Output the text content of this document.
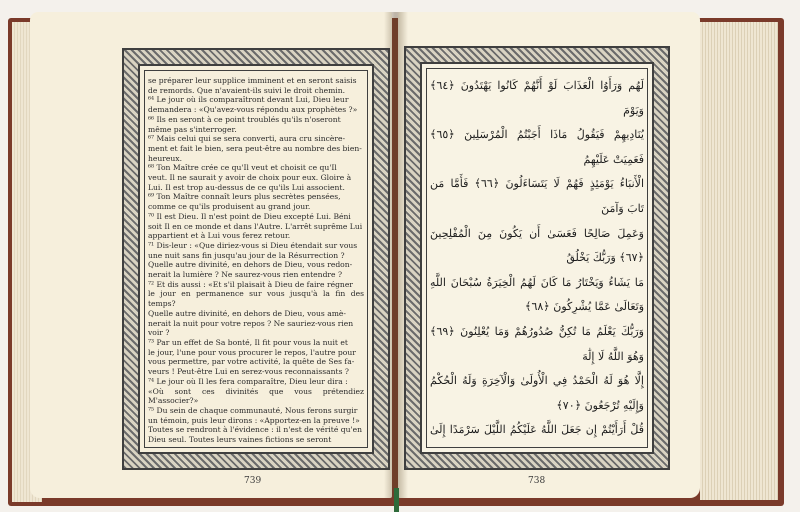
se préparer leur supplice imminent et en seront saisis

de remords. Que n'avaient-ils suivi le droit chemin.

⁶⁴ Le jour où ils comparaîtront devant Lui, Dieu leur

demandera : «Qu'avez-vous répondu aux prophètes ?»

⁶⁶ Ils en seront à ce point troublés qu'ils n'oseront

même pas s'interroger.

⁶⁷ Mais celui qui se sera converti, aura cru sincère-

ment et fait le bien, sera peut-être au nombre des bien-

heureux.

⁶⁸ Ton Maître crée ce qu'Il veut et choisit ce qu'Il

veut. Il ne saurait y avoir de choix pour eux. Gloire à

Lui. Il est trop au-dessus de ce qu'ils Lui associent.

⁶⁹ Ton Maître connaît leurs plus secrètes pensées,

comme ce qu'ils produisent au grand jour.

⁷⁰ Il est Dieu. Il n'est point de Dieu excepté Lui. Béni

soit Il en ce monde et dans l'Autre. L'arrêt suprême Lui

appartient et à Lui vous ferez retour.

⁷¹ Dis-leur : «Que diriez-vous si Dieu étendait sur vous

une nuit sans fin jusqu'au jour de la Résurrection ?

Quelle autre divinité, en dehors de Dieu, vous redon-

nerait la lumière ? Ne saurez-vous rien entendre ?

⁷² Et dis aussi : «Et s'il plaisait à Dieu de faire régner

le jour en permanence sur vous jusqu'à la fin des temps?

Quelle autre divinité, en dehors de Dieu, vous amè-

nerait la nuit pour votre repos ? Ne sauriez-vous rien

voir ?

⁷³ Par un effet de Sa bonté, Il fit pour vous la nuit et

le jour, l'une pour vous procurer le repos, l'autre pour

vous permettre, par votre activité, la quête de Ses fa-

veurs ! Peut-être Lui en serez-vous reconnaissants ?

⁷⁴ Le jour où Il les fera comparaître, Dieu leur dira :

«Où sont ces divinités que vous prétendiez M'associer?»

⁷⁵ Du sein de chaque communauté, Nous ferons surgir

un témoin, puis leur dirons : «Apportez-en la preuve !»

Toutes se rendront à l'évidence : il n'est de vérité qu'en

Dieu seul. Toutes leurs vaines fictions se seront

لَهُم وَرَأَوُا الْعَذَابَ لَوْ أَنَّهُمْ كَانُوا يَهْتَدُونَ ﴿٦٤﴾ وَيَوْمَ

يُنَادِيهِمْ فَيَقُولُ مَاذَا أَجَبْتُمُ الْمُرْسَلِينَ ﴿٦٥﴾ فَعَمِيَتْ عَلَيْهِمُ

الْأَنبَاءُ يَوْمَئِذٍ فَهُمْ لَا يَتَسَاءَلُونَ ﴿٦٦﴾ فَأَمَّا مَن تَابَ وَآمَنَ

وَعَمِلَ صَالِحًا فَعَسَىٰ أَن يَكُونَ مِنَ الْمُفْلِحِينَ ﴿٦٧﴾ وَرَبُّكَ يَخْلُقُ

مَا يَشَاءُ وَيَخْتَارُ مَا كَانَ لَهُمُ الْخِيَرَةُ سُبْحَانَ اللَّهِ وَتَعَالَىٰ عَمَّا يُشْرِكُونَ ﴿٦٨﴾

وَرَبُّكَ يَعْلَمُ مَا تُكِنُّ صُدُورُهُمْ وَمَا يُعْلِنُونَ ﴿٦٩﴾ وَهُوَ اللَّهُ لَا إِلَٰهَ

إِلَّا هُوَ لَهُ الْحَمْدُ فِي الْأُولَىٰ وَالْآخِرَةِ وَلَهُ الْحُكْمُ وَإِلَيْهِ تُرْجَعُونَ ﴿٧٠﴾

قُلْ أَرَأَيْتُمْ إِن جَعَلَ اللَّهُ عَلَيْكُمُ اللَّيْلَ سَرْمَدًا إِلَىٰ

739	738
